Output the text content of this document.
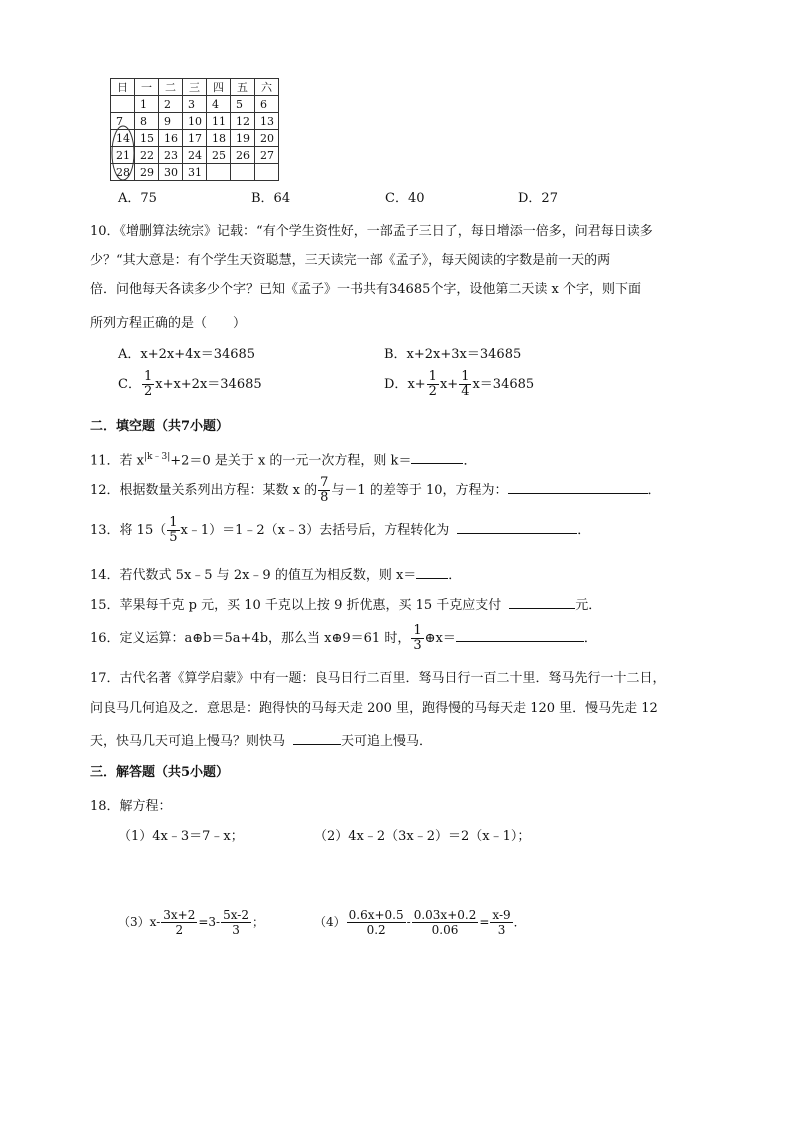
日	一	二	三	四	五	六
	1	2	3	4	5	6
7	8	9	10	11	12	13
14	15	16	17	18	19	20
21	22	23	24	25	26	27
28	29	30	31			
A．75	B．64	C．40	D．27
10．《增删算法统宗》记载：“有个学生资性好，一部孟子三日了，每日增添一倍多，问君每日读多
少？“其大意是：有个学生天资聪慧，三天读完一部《孟子》，每天阅读的字数是前一天的两
倍．问他每天各读多少个字？已知《孟子》一书共有34685个字，设他第二天读 x 个字，则下面
所列方程正确的是（　　）
A．x+2x+4x＝34685	B．x+2x+3x＝34685
C． $\frac{1}{2} x+x+2x=34685$	D．$x+ \frac{1}{2} x+ \frac{1}{4} x=34685$
二．填空题（共7小题）
11．若 $x^{|k﹣3|}+2=0$ 是关于 x 的一元一次方程，则 k＝	．
12．根据数量关系列出方程：某数 x 的 $\frac{7}{8}$ 与－1 的差等于 10，方程为：	．
13．将 $15( \frac{1}{5}$ x﹣1）＝1﹣2（x﹣3）去括号后，方程转化为	．
14．若代数式 5x﹣5 与 2x﹣9 的值互为相反数，则 x＝ ．
15．苹果每千克 p 元，买 10 千克以上按 9 折优惠，买 15 千克应支付	元．
16．定义运算：a⊕b＝5a+4b，那么当 x⊕9＝61 时， $\frac{1}{3}$ ⊕x＝	．
17．古代名著《算学启蒙》中有一题：良马日行二百里．驽马日行一百二十里．驽马先行一十二日，
问良马几何追及之．意思是：跑得快的马每天走 200 里，跑得慢的马每天走 120 里．慢马先走 12
天，快马几天可追上慢马？则快马	天可追上慢马．
三．解答题（共5小题）
18．解方程：
（1）4x﹣3＝7﹣x；	（2）4x﹣2（3x﹣2）＝2（x﹣1）；
$(3)x- \frac{3x+2}{2} =3- \frac{5x-2}{3}$ ；	$(4) \frac{0.6x+0.5}{0.2} - \frac{0.03x+0.2}{0.06} = \frac{x-9}{3}$ ．
